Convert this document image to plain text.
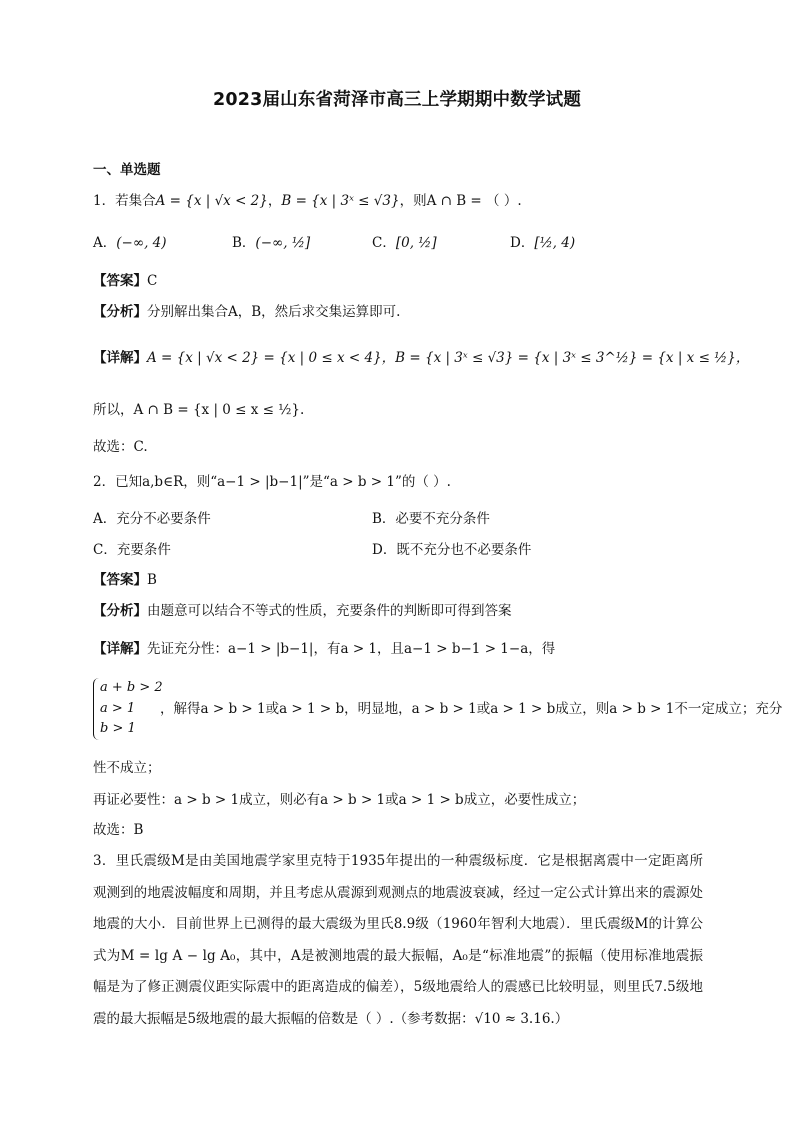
2023届山东省菏泽市高三上学期期中数学试题
一、单选题
1．若集合A = {x | √x < 2}，B = {x | 3ˣ ≤ √3}，则A ∩ B = （ ）.
A．(−∞, 4)	B．(−∞, ½]	C．[0, ½]	D．[½, 4)
【答案】C
【分析】分别解出集合A，B，然后求交集运算即可.
【详解】A = {x | √x < 2} = {x | 0 ≤ x < 4}，B = {x | 3ˣ ≤ √3} = {x | 3ˣ ≤ 3^½} = {x | x ≤ ½}，
所以，A ∩ B = {x | 0 ≤ x ≤ ½}.
故选：C.
2．已知a,b∈R，则“a−1 > |b−1|”是“a > b > 1”的（ ）.
A．充分不必要条件	B．必要不充分条件
C．充要条件	D．既不充分也不必要条件
【答案】B
【分析】由题意可以结合不等式的性质，充要条件的判断即可得到答案
【详解】先证充分性：a−1 > |b−1|，有a > 1，且a−1 > b−1 > 1−a，得
a + b > 2
a > 1
b > 1
，解得a > b > 1或a > 1 > b，明显地，a > b > 1或a > 1 > b成立，则a > b > 1不一定成立；充分
性不成立；
再证必要性：a > b > 1成立，则必有a > b > 1或a > 1 > b成立，必要性成立；
故选：B
3．里氏震级M是由美国地震学家里克特于1935年提出的一种震级标度．它是根据离震中一定距离所观测到的地震波幅度和周期，并且考虑从震源到观测点的地震波衰减，经过一定公式计算出来的震源处地震的大小．目前世界上已测得的最大震级为里氏8.9级（1960年智利大地震）．里氏震级M的计算公式为M = lg A − lg A₀，其中，A是被测地震的最大振幅，A₀是“标准地震”的振幅（使用标准地震振幅是为了修正测震仪距实际震中的距离造成的偏差），5级地震给人的震感已比较明显，则里氏7.5级地震的最大振幅是5级地震的最大振幅的倍数是（ ）.（参考数据：√10 ≈ 3.16.）
